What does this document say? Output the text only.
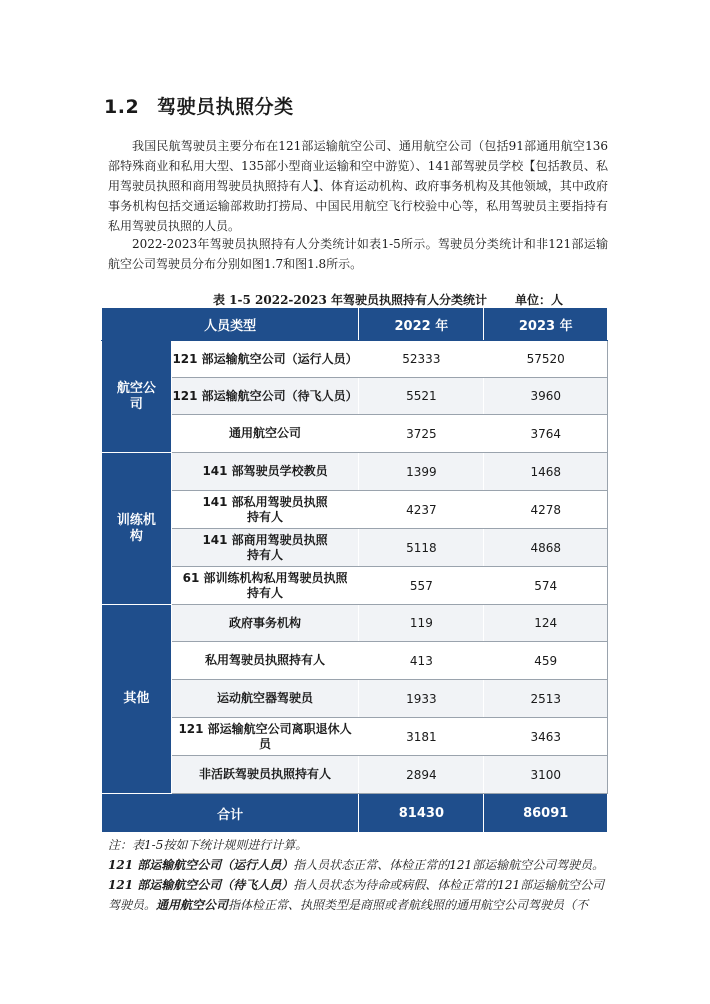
1.2 驾驶员执照分类
我国民航驾驶员主要分布在121部运输航空公司、通用航空公司（包括91部通用航空136部特殊商业和私用大型、135部小型商业运输和空中游览）、141部驾驶员学校【包括教员、私用驾驶员执照和商用驾驶员执照持有人】、体育运动机构、政府事务机构及其他领域，其中政府事务机构包括交通运输部救助打捞局、中国民用航空飞行校验中心等，私用驾驶员主要指持有私用驾驶员执照的人员。
2022-2023年驾驶员执照持有人分类统计如表1-5所示。驾驶员分类统计和非121部运输航空公司驾驶员分布分别如图1.7和图1.8所示。
表 1-5 2022-2023 年驾驶员执照持有人分类统计 单位：人
人员类型		2022 年	2023 年
航空公司	121 部运输航空公司（运行人员）	52333	57520
	121 部运输航空公司（待飞人员）	5521	3960
	通用航空公司	3725	3764
训练机构	141 部驾驶员学校教员	1399	1468
	141 部私用驾驶员执照持有人	4237	4278
	141 部商用驾驶员执照持有人	5118	4868
	61 部训练机构私用驾驶员执照持有人	557	574
其他	政府事务机构	119	124
	私用驾驶员执照持有人	413	459
	运动航空器驾驶员	1933	2513
	121 部运输航空公司离职退休人员	3181	3463
	非活跃驾驶员执照持有人	2894	3100
合计		81430	86091
注：表1-5按如下统计规则进行计算。
121 部运输航空公司（运行人员）指人员状态正常、体检正常的121部运输航空公司驾驶员。
121 部运输航空公司（待飞人员）指人员状态为待命或病假、体检正常的121部运输航空公司驾驶员。通用航空公司指体检正常、执照类型是商照或者航线照的通用航空公司驾驶员（不
